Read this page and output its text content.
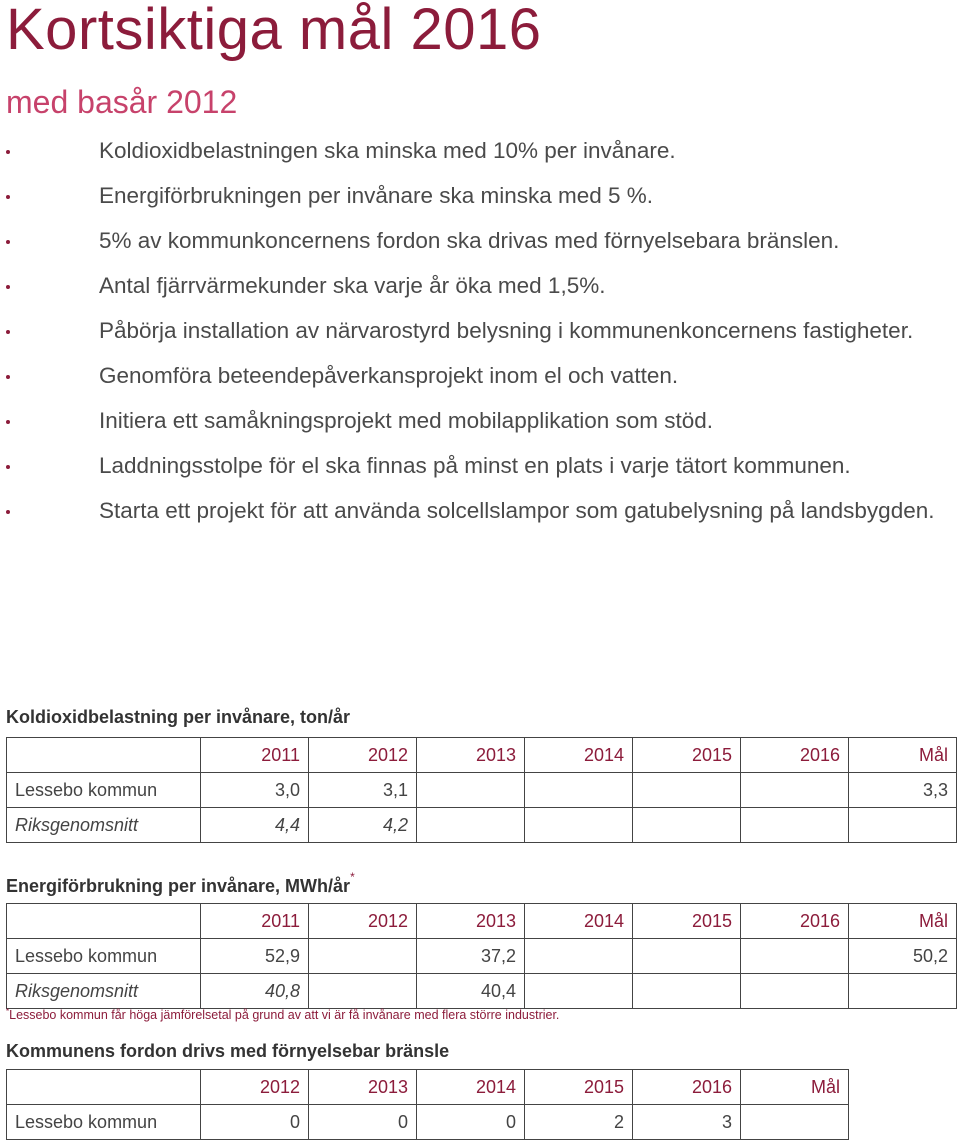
Kortsiktiga mål 2016
med basår 2012
Koldioxidbelastningen ska minska med 10% per invånare.
Energiförbrukningen per invånare ska minska med 5 %.
5% av kommunkoncernens fordon ska drivas med förnyelsebara bränslen.
Antal fjärrvärmekunder ska varje år öka med 1,5%.
Påbörja installation av närvarostyrd belysning i kommunenkoncernens fastigheter.
Genomföra beteendepåverkansprojekt inom el och vatten.
Initiera ett samåkningsprojekt med mobilapplikation som stöd.
Laddningsstolpe för el ska finnas på minst en plats i varje tätort kommunen.
Starta ett projekt för att använda solcellslampor som gatubelysning på landsbygden.
Koldioxidbelastning per invånare, ton/år
	2011	2012	2013	2014	2015	2016	Mål
Lessebo kommun	3,0	3,1					3,3
Riksgenomsnitt	4,4	4,2					
Energiförbrukning per invånare, MWh/år*
	2011	2012	2013	2014	2015	2016	Mål
Lessebo kommun	52,9		37,2				50,2
Riksgenomsnitt	40,8		40,4				
*Lessebo kommun får höga jämförelsetal på grund av att vi är få invånare med flera större industrier.
Kommunens fordon drivs med förnyelsebar bränsle
	2012	2013	2014	2015	2016	Mål
Lessebo kommun	0	0	0	2	3	
